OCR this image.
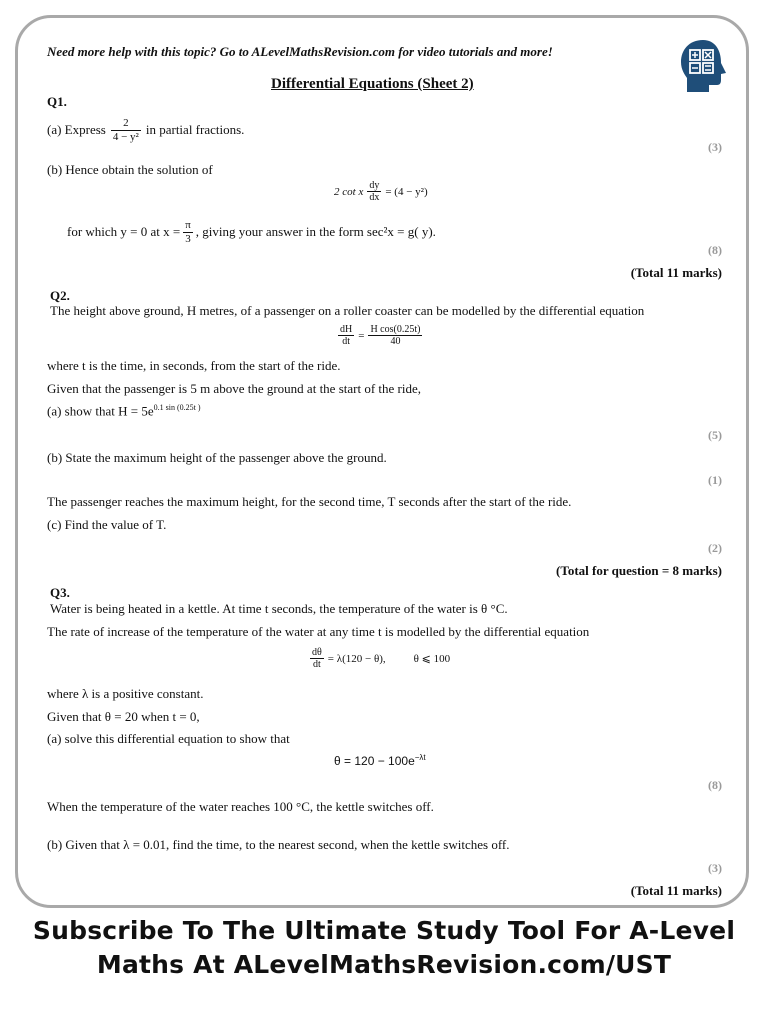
Need more help with this topic? Go to ALevelMathsRevision.com for video tutorials and more!
Differential Equations (Sheet 2)
Q1.
(a) Express $\frac{2}{\text{4 − y²}}$ in partial fractions.
(3)
(b) Hence obtain the solution of
2 cot x $\frac{dy}{dx} = (4 - y^2)$
for which y = 0 at $x = \frac{\pi}{3}$ , giving your answer in the form sec²x = g( y).
(8)
(Total 11 marks)
Q2.
The height above ground, H metres, of a passenger on a roller coaster can be modelled by the differential equation
$\frac{dH}{dt} = \frac{\text{H cos(0.25t)}}{40}$
where t is the time, in seconds, from the start of the ride.
Given that the passenger is 5 m above the ground at the start of the ride,
(a) show that $H = 5e^{0.1 sin (0.25t )}$
(5)
(b) State the maximum height of the passenger above the ground.
(1)
The passenger reaches the maximum height, for the second time, T seconds after the start of the ride.
(c) Find the value of T.
(2)
(Total for question = 8 marks)
Q3.
Water is being heated in a kettle. At time t seconds, the temperature of the water is θ °C.
The rate of increase of the temperature of the water at any time t is modelled by the differential equation
$\frac{d\theta}{dt} = \lambda(120 - \theta)$,	θ ⩽ 100
where λ is a positive constant.
Given that θ = 20 when t = 0,
(a) solve this differential equation to show that
$\theta = 120 - 100e^{-\lambda t}$
(8)
When the temperature of the water reaches 100 °C, the kettle switches off.
(b) Given that λ = 0.01, find the time, to the nearest second, when the kettle switches off.
(3)
(Total 11 marks)
Subscribe To The Ultimate Study Tool For A-Level
Maths At ALevelMathsRevision.com/UST
